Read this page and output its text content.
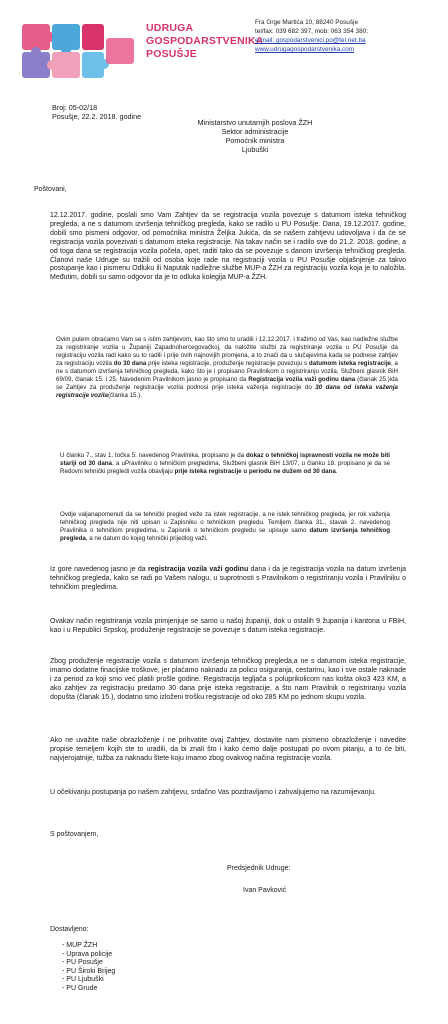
UDRUGA
GOSPODARSTVENIKA
POSUŠJE
Fra Grge Martića 10, 88240 Posušje
tel/fax: 039 682 397, mob: 063 354 380;
e-mail: gospodarstvenici.po@tel.net.ba
www.udrugagospodarstvenika.com
Broj: 05-02/18
Posušje, 22.2. 2018. godine
Ministarstvo unutarnjih poslova ŽZH
Sektor administracije
Pomoćnik ministra
Ljubuški
Poštovani,
12.12.2017. godine, poslali smo Vam Zahtjev da se registracija vozila povezuje s datumom isteka tehničkog pregleda, a ne s datumom izvršenja tehničkog pregleda, kako se radilo u PU Posušje. Dana, 19.12.2017. godine, dobili smo pismeni odgovor, od pomoćnika ministra Željka Jukića, da se našem zahtjevu udovoljava i da će se registracija vozila povezivati s datumom isteka registracije. Na takav način se i radilo sve do 21.2. 2018. godine, a od toga dana se registracija vozila počela, opet, raditi tako da se povezuje s danom izvršenja tehničkog pregleda. Članovi naše Udruge su tražili od osoba koje rade na registraciji vozila u PU Posušje objašnjenje za takvo postupanje kao i pismenu Odluku ili Naputak nadležne službe MUP-a ŽZH za registraciju vozila koja je to naložila. Međutim, dobili su samo odgovor da je to odluka kolegija MUP-a ŽZH.
Ovim putem obraćamo Vam se s istim zahtjevom, kao što smo to uradili i 12.12.2017. i tražimo od Vas, kao nadležne službe za registriranje vozila u Županiji Zapadnohercegovačkoj, da naložite službi za registriranje vozila u PU Posušje da registraciju vozila radi kako su to radili i prije ovih najnovijih promjena, a to znači da u slučajevima kada se podnese zahtjev za registraciju vozila do 30 dana prije isteka registracije, produženje registracije povezuju s datumom isteka registracije, a ne s datumom izvršenja tehničkog pregleda, kako što je i propisano Pravilnikom o registriranju vozila, Službeni glasnik BiH 69/09, članak 15. i 25. Navedenim Pravilnikom jasno je propisano da Registracija vozila važi godinu dana (članak 25.)ida se Zahtjev za produženje registracije vozila podnosi prije isteka važenja registracije do 30 dana od isteka važenja registracije vozila(članka 15.).
U članku 7., stav 1. točka 5. navedenog Pravilnika, propisano je da dokaz o tehničkoj ispravnosti vozila ne može biti stariji od 30 dana, a uPravilniku o tehničkim pregledima, Službeni glasnik BiH 13/07, u članku 18. propisano je da se Redovni tehnički pregledi vozila obavljaju prije isteka registracije u periodu ne dužem od 30 dana.
Ovdje valjanapomenuti da se tehnički pregled veže za istek registracije, a ne istek tehničkog pregleda, jer rok važenja tehničkog pregleda nije niti upisan u Zapisniku o tehničkom pregledu. Temljem članka 31., stavak 2. navedenog Pravilnika o tehničkim pregledima, u Zapisnik o tehničkom pregledu se upisuje samo datum izvršenja tehničkog pregleda, a ne datum do kojeg tehnički prijedlog važi.
Iz gore navedenog jasno je da registracija vozila važi godinu dana i da je registracija vozila na datum izvršenja tehničkog pregleda, kako se radi po Vašem nalogu, u suprotnosti s Pravilnikom o registriranju vozila i Pravilniku o tehničkim pregledima.
Ovakav način registriranja vozila primjenjuje se samo u našoj županiji, dok u ostalih 9 županija i kantona u FBiH, kao i u Republici Srpskoj, produženje registracije se povezuje s datum isteka registracije.
Zbog produženje registracije vozila s datumom izvršenja tehničkog pregleda,a ne s datumom isteka registracije, imamo dodatne finacijske troškove, jer plaćamo naknadu za policu osiguranja, cestarinu, kao i sve ostale naknade i za period za koji smo već platili prošle godine. Registracija tegljača s poluprikolicom nas košta oko3 423 KM, a ako zahtjev za registraciju predamo 30 dana prije isteka registracije, a što nam Pravilnik o registriranju vozila dopušta (članak 15.), dodatno smo izloženi trošku registracije od oko 285 KM po jednom skupu vozila.
Ako ne uvažite naše obrazloženje i ne prihvatite ovaj Zahtjev, dostavite nam pismeno obrazloženje i navedite propise temeljem kojih ste to uradili, da bi znali što i kako ćemo dalje postupati po ovom pitanju, a to će biti, najvjerojatnije, tužba za naknadu štete koju imamo zbog ovakvog načina registracije vozila.
U očekivanju postupanja po našem zahtjevu, srdačno Vas pozdravljamo i zahvaljujemo na razumijevanju.
S poštovanjem,
Predsjednik Udruge:
Ivan Pavković
Dostavljeno:
- MUP ŽZH
- Uprava policije
- PU Posušje
- PU Široki Brijeg
- PU Ljubuški
- PU Grude
